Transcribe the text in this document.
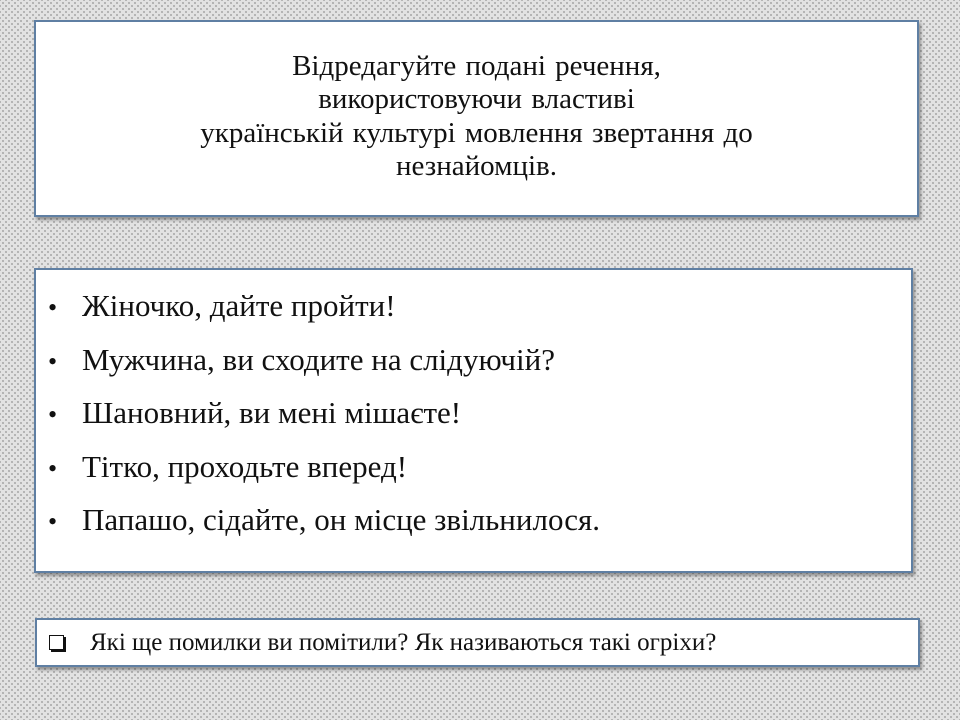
Відредагуйте подані речення,
використовуючи властиві
українській культурі мовлення звертання до
незнайомців.
• Жіночко, дайте пройти!
• Мужчина, ви сходите на слідуючій?
• Шановний, ви мені мішаєте!
• Тітко, проходьте вперед!
• Папашо, сідайте, он місце звільнилося.
Які ще помилки ви помітили? Як називаються такі огріхи?
